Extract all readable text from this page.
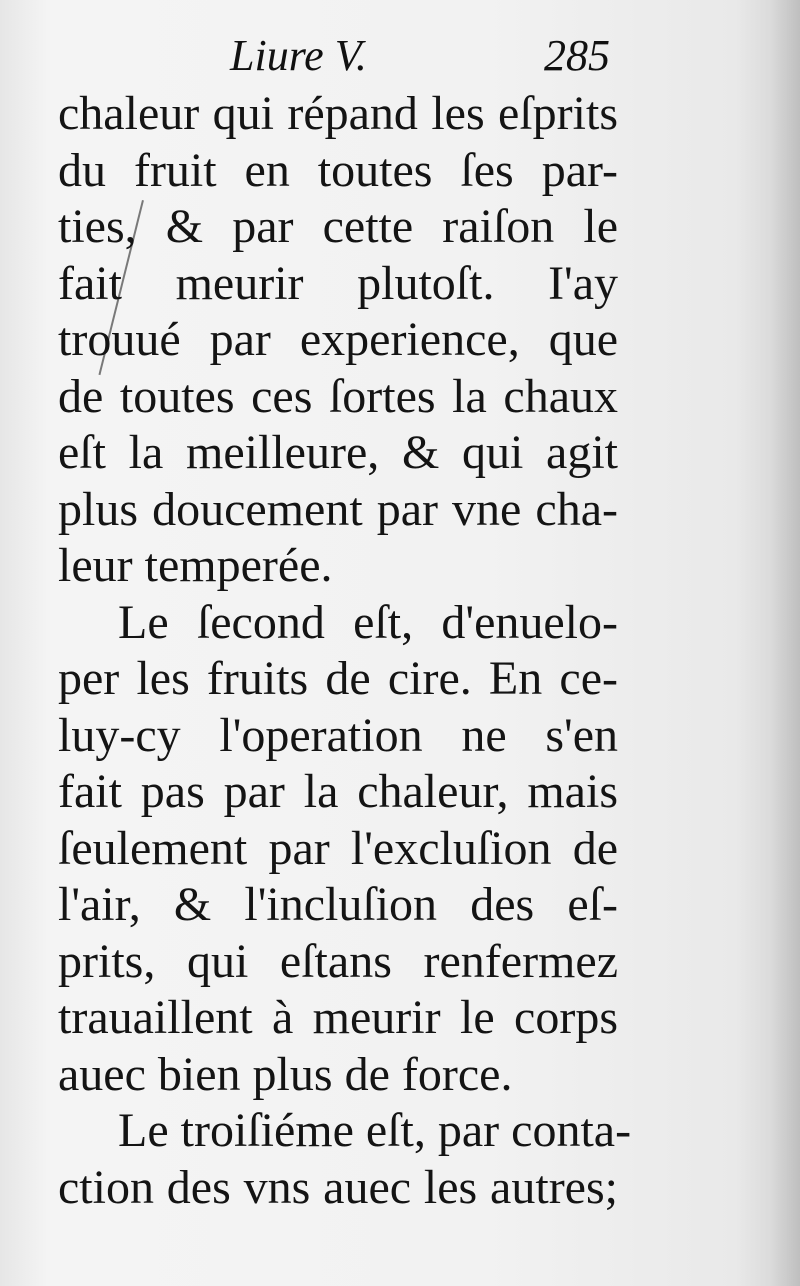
Liure V.	285
chaleur qui répand les eſprits
du fruit en toutes ſes par-
ties, & par cette raiſon le
fait meurir plutoſt. I'ay
trouué par experience, que
de toutes ces ſortes la chaux
eſt la meilleure, & qui agit
plus doucement par vne cha-
leur temperée.
Le ſecond eſt, d'enuelo-
per les fruits de cire. En ce-
luy-cy l'operation ne s'en
fait pas par la chaleur, mais
ſeulement par l'excluſion de
l'air, & l'incluſion des eſ-
prits, qui eſtans renfermez
trauaillent à meurir le corps
auec bien plus de force.
Le troiſiéme eſt, par conta-
ction des vns auec les autres;
